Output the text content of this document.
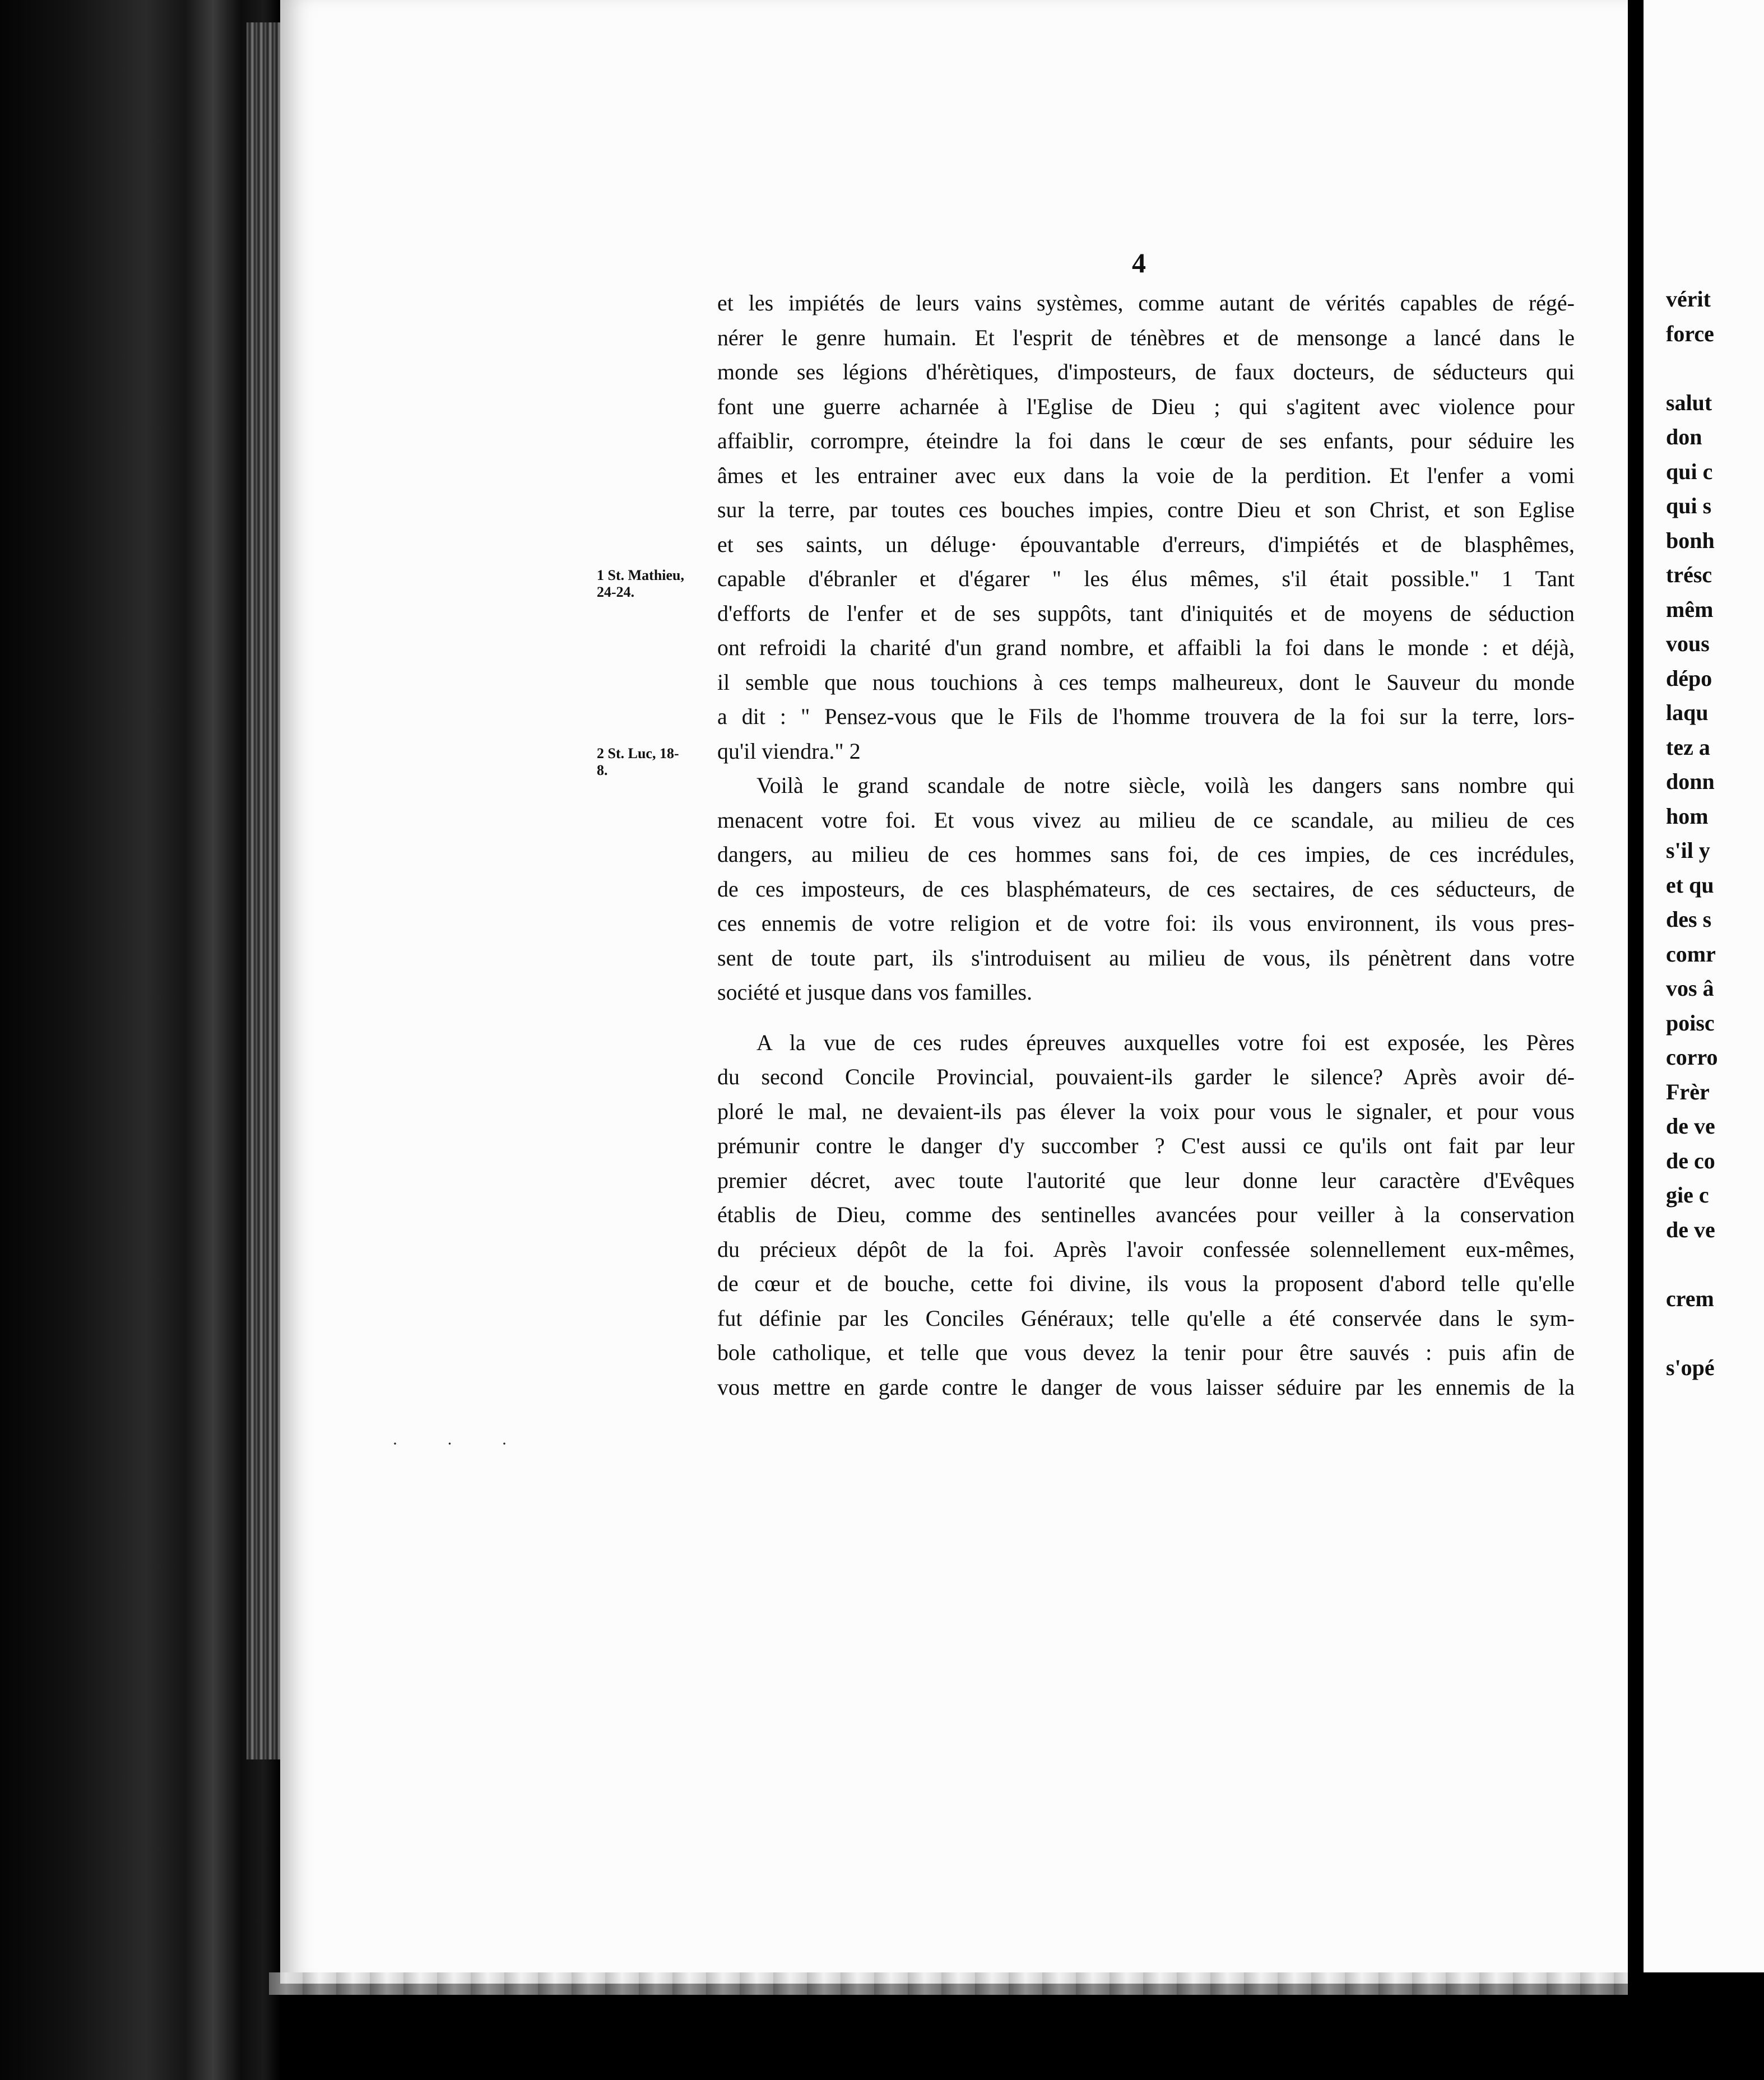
4
et les impiétés de leurs vains systèmes, comme autant de vérités capables de régé-
nérer le genre humain. Et l'esprit de ténèbres et de mensonge a lancé dans le
monde ses légions d'hérètiques, d'imposteurs, de faux docteurs, de séducteurs qui
font une guerre acharnée à l'Eglise de Dieu ; qui s'agitent avec violence pour
affaiblir, corrompre, éteindre la foi dans le cœur de ses enfants, pour séduire les
âmes et les entrainer avec eux dans la voie de la perdition. Et l'enfer a vomi
sur la terre, par toutes ces bouches impies, contre Dieu et son Christ, et son Eglise
et ses saints, un déluge· épouvantable d'erreurs, d'impiétés et de blasphêmes,
capable d'ébranler et d'égarer " les élus mêmes, s'il était possible." 1 Tant
d'efforts de l'enfer et de ses suppôts, tant d'iniquités et de moyens de séduction
ont refroidi la charité d'un grand nombre, et affaibli la foi dans le monde : et déjà,
il semble que nous touchions à ces temps malheureux, dont le Sauveur du monde
a dit : " Pensez-vous que le Fils de l'homme trouvera de la foi sur la terre, lors-
qu'il viendra." 2
Voilà le grand scandale de notre siècle, voilà les dangers sans nombre qui
menacent votre foi. Et vous vivez au milieu de ce scandale, au milieu de ces
dangers, au milieu de ces hommes sans foi, de ces impies, de ces incrédules,
de ces imposteurs, de ces blasphémateurs, de ces sectaires, de ces séducteurs, de
ces ennemis de votre religion et de votre foi: ils vous environnent, ils vous pres-
sent de toute part, ils s'introduisent au milieu de vous, ils pénètrent dans votre
société et jusque dans vos familles.
A la vue de ces rudes épreuves auxquelles votre foi est exposée, les Pères
du second Concile Provincial, pouvaient-ils garder le silence? Après avoir dé-
ploré le mal, ne devaient-ils pas élever la voix pour vous le signaler, et pour vous
prémunir contre le danger d'y succomber ? C'est aussi ce qu'ils ont fait par leur
premier décret, avec toute l'autorité que leur donne leur caractère d'Evêques
établis de Dieu, comme des sentinelles avancées pour veiller à la conservation
du précieux dépôt de la foi. Après l'avoir confessée solennellement eux-mêmes,
de cœur et de bouche, cette foi divine, ils vous la proposent d'abord telle qu'elle
fut définie par les Conciles Généraux; telle qu'elle a été conservée dans le sym-
bole catholique, et telle que vous devez la tenir pour être sauvés : puis afin de
vous mettre en garde contre le danger de vous laisser séduire par les ennemis de la
1 St. Mathieu,
24-24.
2 St. Luc, 18-
8.
· · ·
vérit
force
salut
don
qui c
qui s
bonh
trésc
mêm
vous
dépo
laqu
tez a
donn
hom
s'il y
et qu
des s
comr
vos â
poisc
corro
Frèr
de ve
de co
gie c
de ve
crem
s'opé
